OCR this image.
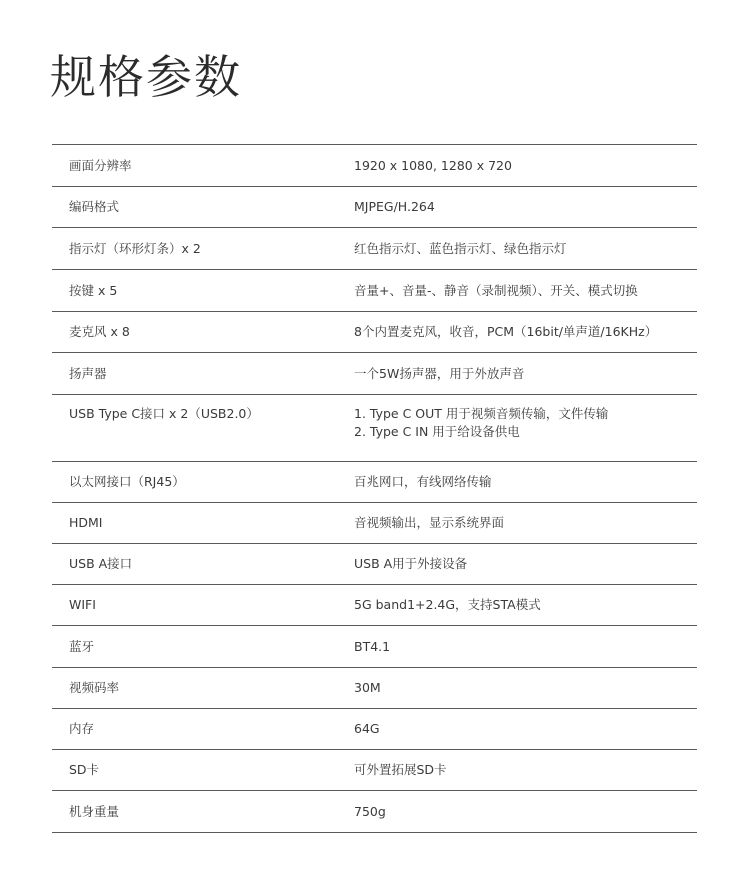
规格参数
画面分辨率	1920 x 1080, 1280 x 720
编码格式	MJPEG/H.264
指示灯（环形灯条）x 2	红色指示灯、蓝色指示灯、绿色指示灯
按键 x 5	音量+、音量-、静音（录制视频）、开关、模式切换
麦克风 x 8	8个内置麦克风，收音，PCM（16bit/单声道/16KHz）
扬声器	一个5W扬声器，用于外放声音
USB Type C接口 x 2（USB2.0）	1. Type C OUT 用于视频音频传输，文件传输
2. Type C IN 用于给设备供电

以太网接口（RJ45）	百兆网口，有线网络传输
HDMI	音视频输出，显示系统界面
USB A接口	USB A用于外接设备
WIFI	5G band1+2.4G，支持STA模式
蓝牙	BT4.1
视频码率	30M
内存	64G
SD卡	可外置拓展SD卡
机身重量	750g
